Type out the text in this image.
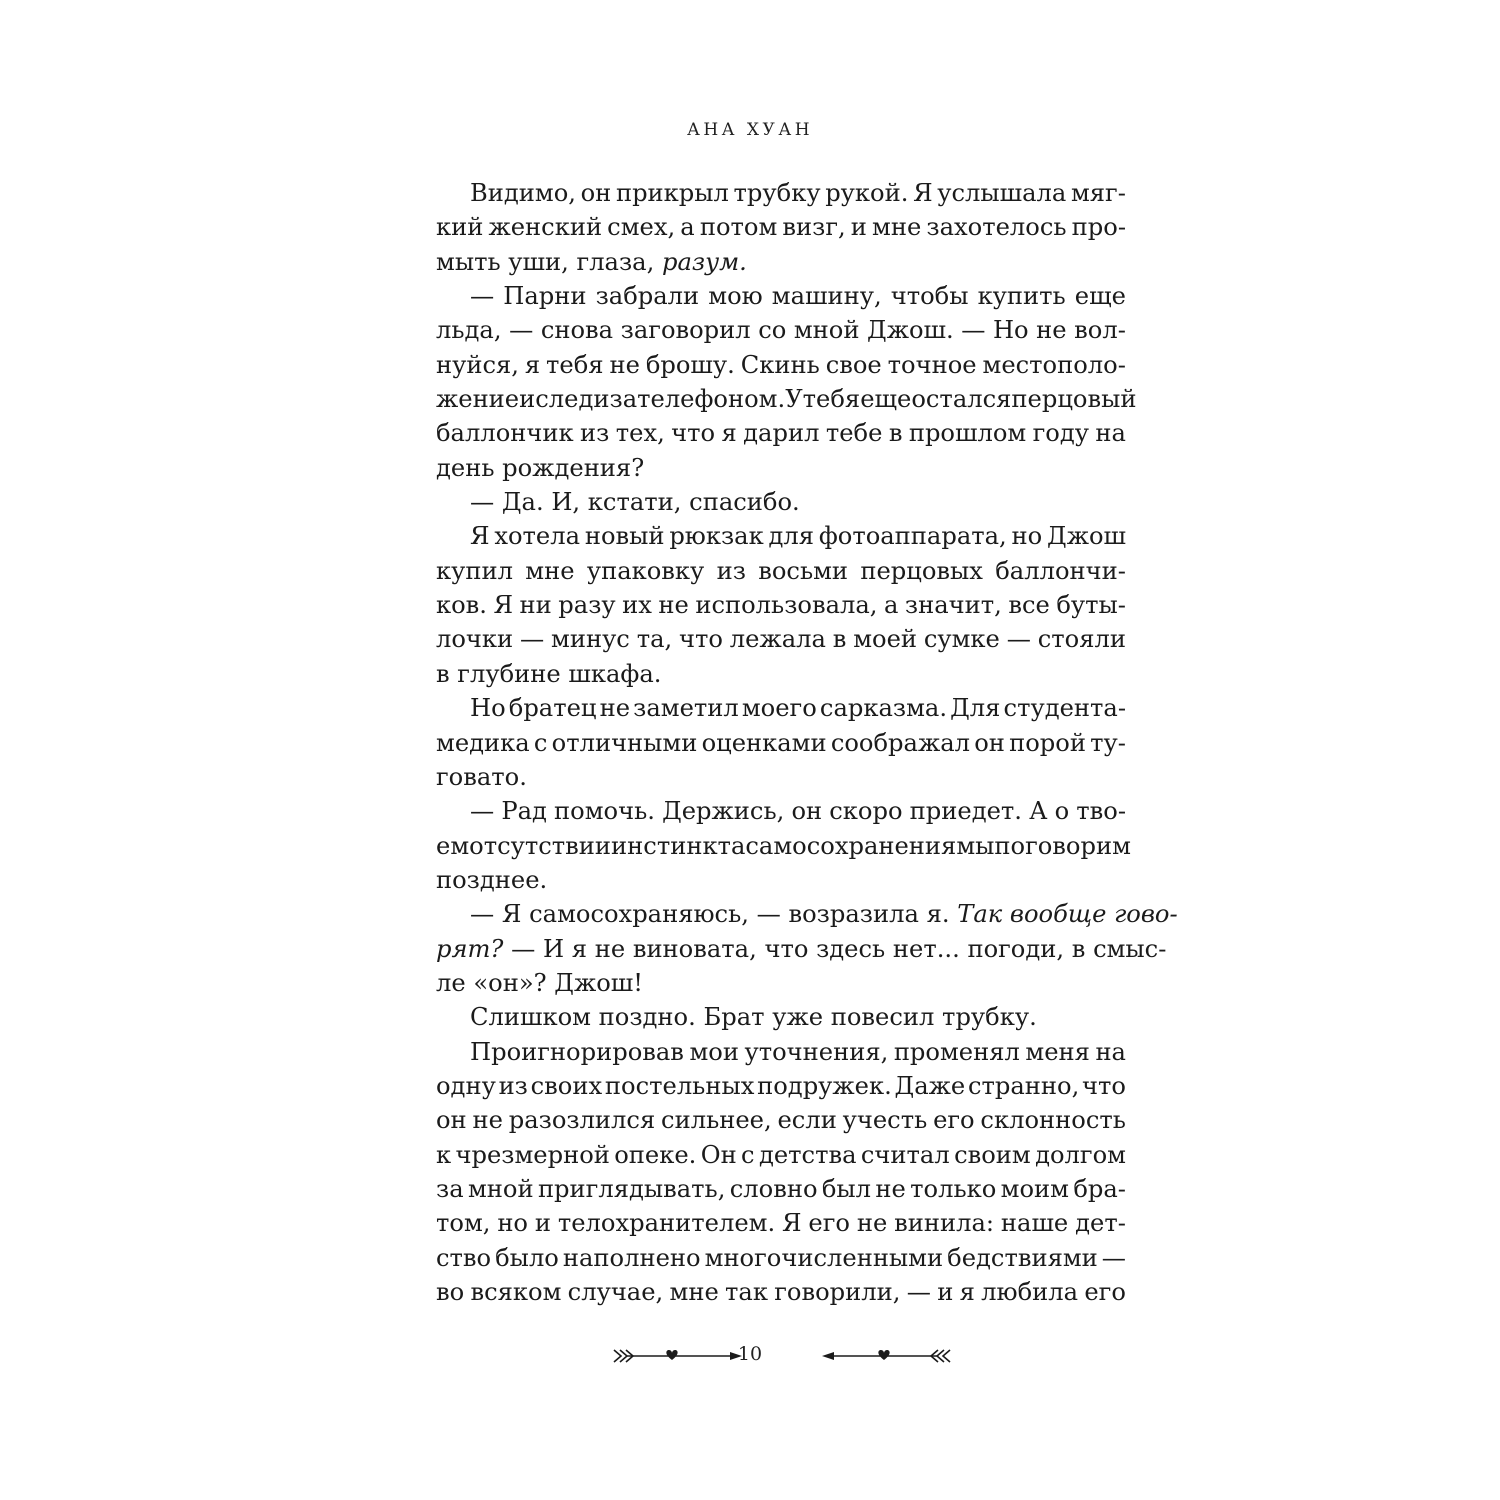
АНА ХУАН
Видимо, он прикрыл трубку рукой. Я услышала мяг-
кий женский смех, а потом визг, и мне захотелось про-
мыть уши, глаза, разум.
— Парни забрали мою машину, чтобы купить еще
льда, — снова заговорил со мной Джош. — Но не вол-
нуйся, я тебя не брошу. Скинь свое точное местополо-
жение и следи за телефоном. У тебя еще остался перцовый
баллончик из тех, что я дарил тебе в прошлом году на
день рождения?
— Да. И, кстати, спасибо.
Я хотела новый рюкзак для фотоаппарата, но Джош
купил мне упаковку из восьми перцовых баллончи-
ков. Я ни разу их не использовала, а значит, все буты-
лочки — минус та, что лежала в моей сумке — стояли
в глубине шкафа.
Но братец не заметил моего сарказма. Для студента-
медика с отличными оценками соображал он порой ту-
говато.
— Рад помочь. Держись, он скоро приедет. А о тво-
ем отсутствии инстинкта самосохранения мы поговорим
позднее.
— Я самосохраняюсь, — возразила я. Так вообще гово-
рят? — И я не виновата, что здесь нет... погоди, в смыс-
ле «он»? Джош!
Слишком поздно. Брат уже повесил трубку.
Проигнорировав мои уточнения, променял меня на
одну из своих постельных подружек. Даже странно, что
он не разозлился сильнее, если учесть его склонность
к чрезмерной опеке. Он с детства считал своим долгом
за мной приглядывать, словно был не только моим бра-
том, но и телохранителем. Я его не винила: наше дет-
ство было наполнено многочисленными бедствиями —
во всяком случае, мне так говорили, — и я любила его
10
